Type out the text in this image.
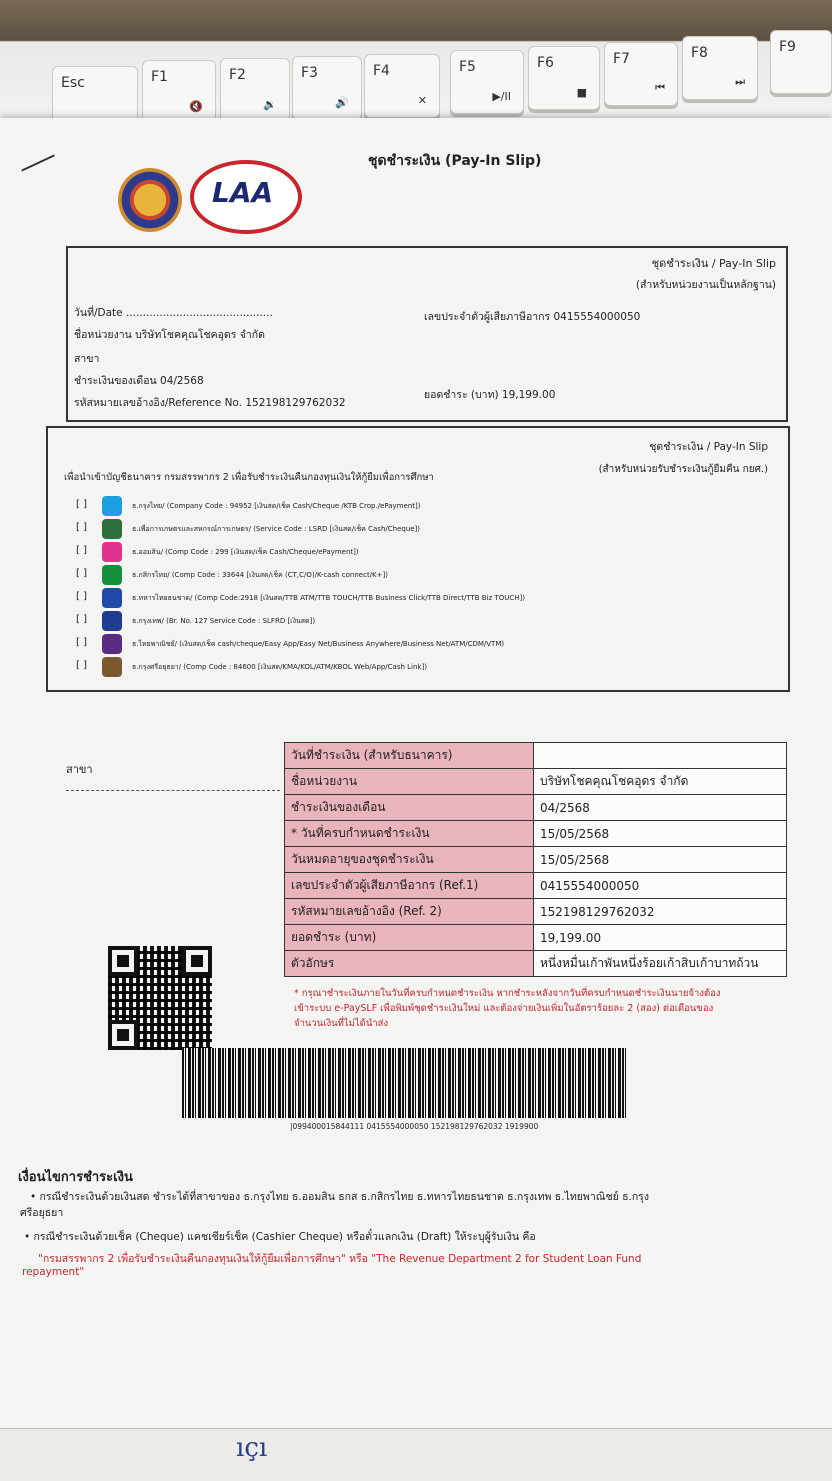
Esc	F1
🔇
F2
🔉
F3
🔊
F4
✕
F5
▶/II
F6
■
F7
⏮
F8
⏭
F9
LAA
ชุดชำระเงิน (Pay-In Slip)
ชุดชำระเงิน / Pay-In Slip
(สำหรับหน่วยงานเป็นหลักฐาน)
วันที่/Date ............................................
ชื่อหน่วยงาน บริษัทโชคคุณโชคอุดร จำกัด
เลขประจำตัวผู้เสียภาษีอากร 0415554000050
สาขา
ชำระเงินของเดือน 04/2568
รหัสหมายเลขอ้างอิง/Reference No. 152198129762032
ยอดชำระ (บาท) 19,199.00
ชุดชำระเงิน / Pay-In Slip
(สำหรับหน่วยรับชำระเงินกู้ยืมคืน กยศ.)
เพื่อนำเข้าบัญชีธนาคาร กรมสรรพากร 2 เพื่อรับชำระเงินคืนกองทุนเงินให้กู้ยืมเพื่อการศึกษา
[ ]	ธ.กรุงไทย/ (Company Code : 94952 [เงินสด/เช็ค Cash/Cheque /KTB Crop./ePayment])
[ ]	ธ.เพื่อการเกษตรและสหกรณ์การเกษตร/ (Service Code : LSRD [เงินสด/เช็ค Cash/Cheque])
[ ]	ธ.ออมสิน/ (Comp Code : 299 [เงินสด/เช็ค Cash/Cheque/ePayment])
[ ]	ธ.กสิกรไทย/ (Comp Code : 33644 [เงินสด/เช็ค (CT,C/O)/K-cash connect/K+])
[ ]	ธ.ทหารไทยธนชาต/ (Comp Code:2918 [เงินสด/TTB ATM/TTB TOUCH/TTB Business Click/TTB Direct/TTB Biz TOUCH])
[ ]	ธ.กรุงเทพ/ (Br. No. 127 Service Code : SLFRD [เงินสด])
[ ]	ธ.ไทยพาณิชย์/ (เงินสด/เช็ค cash/cheque/Easy App/Easy Net/Business Anywhere/Business Net/ATM/CDM/VTM)
[ ]	ธ.กรุงศรีอยุธยา/ (Comp Code : 84600 [เงินสด/KMA/KOL/ATM/KBOL Web/App/Cash Link])
สาขา
วันที่ชำระเงิน (สำหรับธนาคาร)	
ชื่อหน่วยงาน	บริษัทโชคคุณโชคอุดร จำกัด
ชำระเงินของเดือน	04/2568
* วันที่ครบกำหนดชำระเงิน	15/05/2568
วันหมดอายุของชุดชำระเงิน	15/05/2568
เลขประจำตัวผู้เสียภาษีอากร (Ref.1)	0415554000050
รหัสหมายเลขอ้างอิง (Ref. 2)	152198129762032
ยอดชำระ (บาท)	19,199.00
ตัวอักษร	หนึ่งหมื่นเก้าพันหนึ่งร้อยเก้าสิบเก้าบาทถ้วน
* กรุณาชำระเงินภายในวันที่ครบกำหนดชำระเงิน หากชำระหลังจากวันที่ครบกำหนดชำระเงินนายจ้างต้อง
เข้าระบบ e-PaySLF เพื่อพิมพ์ชุดชำระเงินใหม่ และต้องจ่ายเงินเพิ่มในอัตราร้อยละ 2 (สอง) ต่อเดือนของ
จำนวนเงินที่ไม่ได้นำส่ง
|099400015844111 0415554000050 152198129762032 1919900
เงื่อนไขการชำระเงิน
• กรณีชำระเงินด้วยเงินสด ชำระได้ที่สาขาของ ธ.กรุงไทย ธ.ออมสิน ธกส ธ.กสิกรไทย ธ.ทหารไทยธนชาต ธ.กรุงเทพ ธ.ไทยพาณิชย์ ธ.กรุง
ศรีอยุธยา
• กรณีชำระเงินด้วยเช็ค (Cheque) แคชเชียร์เช็ค (Cashier Cheque) หรือตั๋วแลกเงิน (Draft) ให้ระบุผู้รับเงิน คือ
"กรมสรรพากร 2 เพื่อรับชำระเงินคืนกองทุนเงินให้กู้ยืมเพื่อการศึกษา" หรือ "The Revenue Department 2 for Student Loan Fund
repayment"
ıçı
